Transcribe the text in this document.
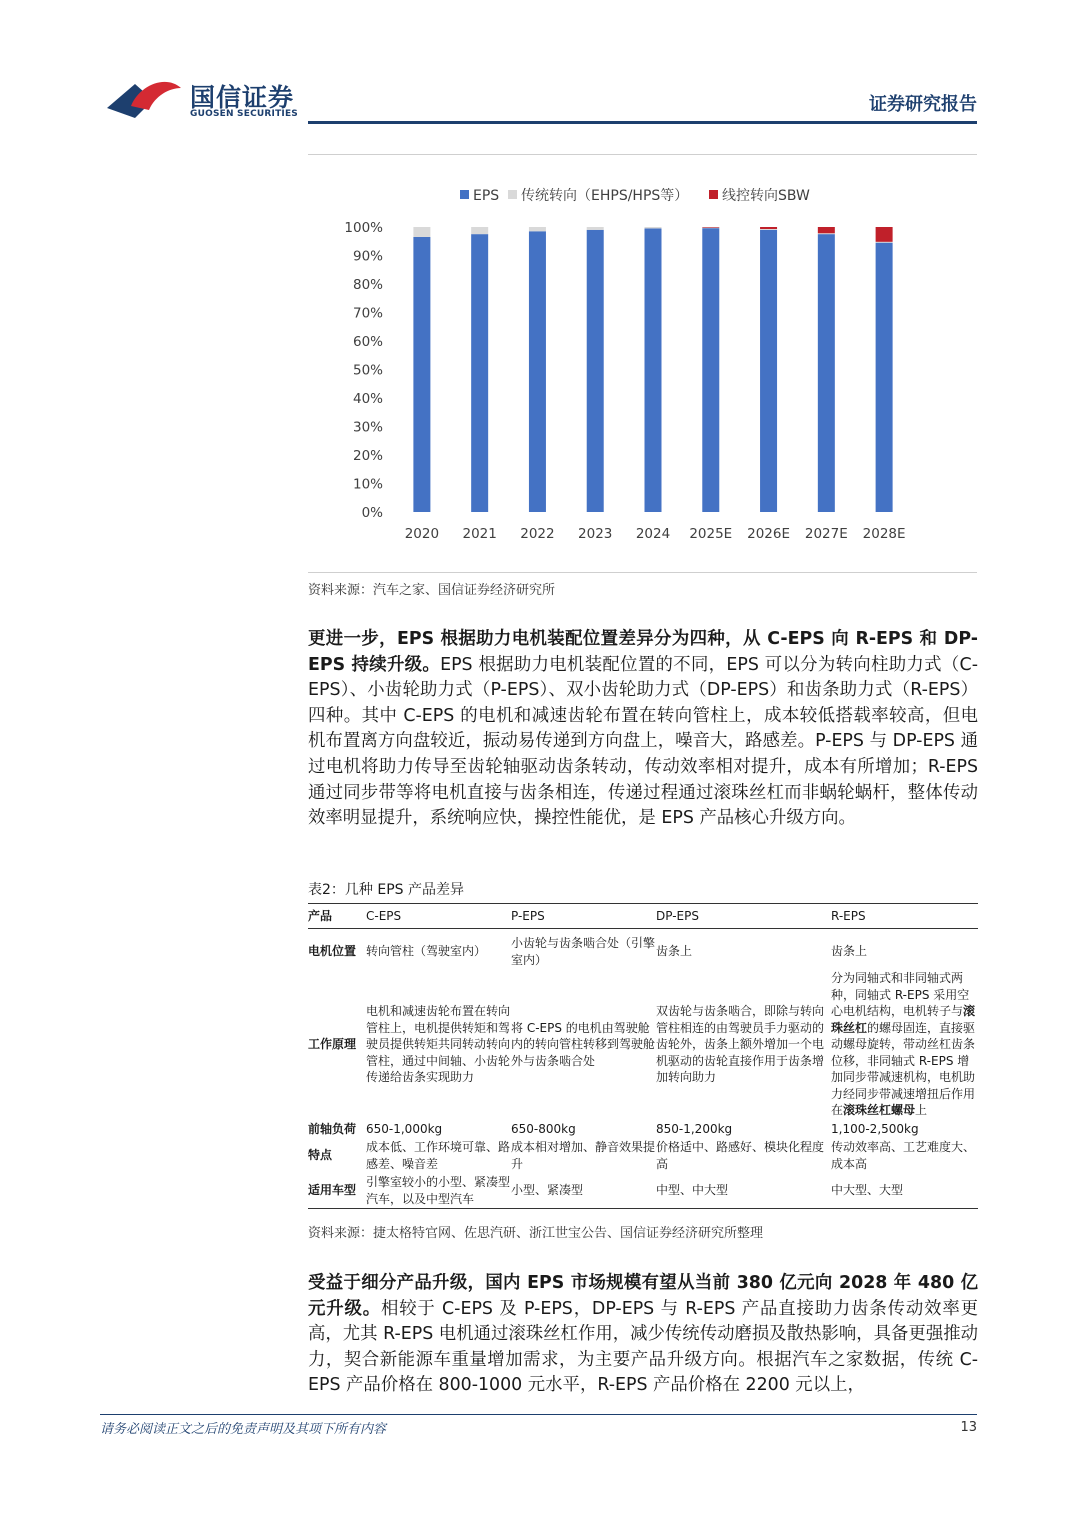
国信证券
GUOSEN SECURITIES	证券研究报告
EPS 传统转向（EHPS/HPS等） 线控转向SBW
0%
10%
20%
30%
40%
50%
60%
70%
80%
90%
100%
2020 2021 2022 2023 2024 2025E 2026E 2027E 2028E
资料来源：汽车之家、国信证券经济研究所
更进一步，EPS 根据助力电机装配位置差异分为四种，从 C-EPS 向 R-EPS 和 DP-EPS 持续升级。EPS 根据助力电机装配位置的不同，EPS 可以分为转向柱助力式（C-EPS）、小齿轮助力式（P-EPS）、双小齿轮助力式（DP-EPS）和齿条助力式（R-EPS）四种。其中 C-EPS 的电机和减速齿轮布置在转向管柱上，成本较低搭载率较高，但电机布置离方向盘较近，振动易传递到方向盘上，噪音大，路感差。P-EPS 与 DP-EPS 通过电机将助力传导至齿轮轴驱动齿条转动，传动效率相对提升，成本有所增加；R-EPS 通过同步带等将电机直接与齿条相连，传递过程通过滚珠丝杠而非蜗轮蜗杆，整体传动效率明显提升，系统响应快，操控性能优，是 EPS 产品核心升级方向。
表2：几种 EPS 产品差异
产品	C-EPS	P-EPS	DP-EPS	R-EPS
电机位置	转向管柱（驾驶室内）	小齿轮与齿条啮合处（引擎室内）	齿条上	齿条上
工作原理	电机和减速齿轮布置在转向管柱上，电机提供转矩和驾驶员提供转矩共同转动转向管柱，通过中间轴、小齿轮传递给齿条实现助力	将 C-EPS 的电机由驾驶舱内的转向管柱转移到驾驶舱外与齿条啮合处	双齿轮与齿条啮合，即除与转向管柱相连的由驾驶员手力驱动的齿轮外，齿条上额外增加一个电机驱动的齿轮直接作用于齿条增加转向助力	分为同轴式和非同轴式两种，同轴式 R-EPS 采用空心电机结构，电机转子与滚珠丝杠的螺母固连，直接驱动螺母旋转，带动丝杠齿条位移，非同轴式 R-EPS 增加同步带减速机构，电机助力经同步带减速增扭后作用在滚珠丝杠螺母上
前轴负荷	650-1,000kg	650-800kg	850-1,200kg	1,100-2,500kg
特点	成本低、工作环境可靠、路感差、噪音差	成本相对增加、静音效果提升	价格适中、路感好、模块化程度高	传动效率高、工艺难度大、成本高
适用车型	引擎室较小的小型、紧凑型汽车，以及中型汽车	小型、紧凑型	中型、中大型	中大型、大型
资料来源：捷太格特官网、佐思汽研、浙江世宝公告、国信证券经济研究所整理
受益于细分产品升级，国内 EPS 市场规模有望从当前 380 亿元向 2028 年 480 亿元升级。相较于 C-EPS 及 P-EPS，DP-EPS 与 R-EPS 产品直接助力齿条传动效率更高，尤其 R-EPS 电机通过滚珠丝杠作用，减少传统传动磨损及散热影响，具备更强推动力，契合新能源车重量增加需求，为主要产品升级方向。根据汽车之家数据，传统 C-EPS 产品价格在 800-1000 元水平，R-EPS 产品价格在 2200 元以上，
请务必阅读正文之后的免责声明及其项下所有内容	13
